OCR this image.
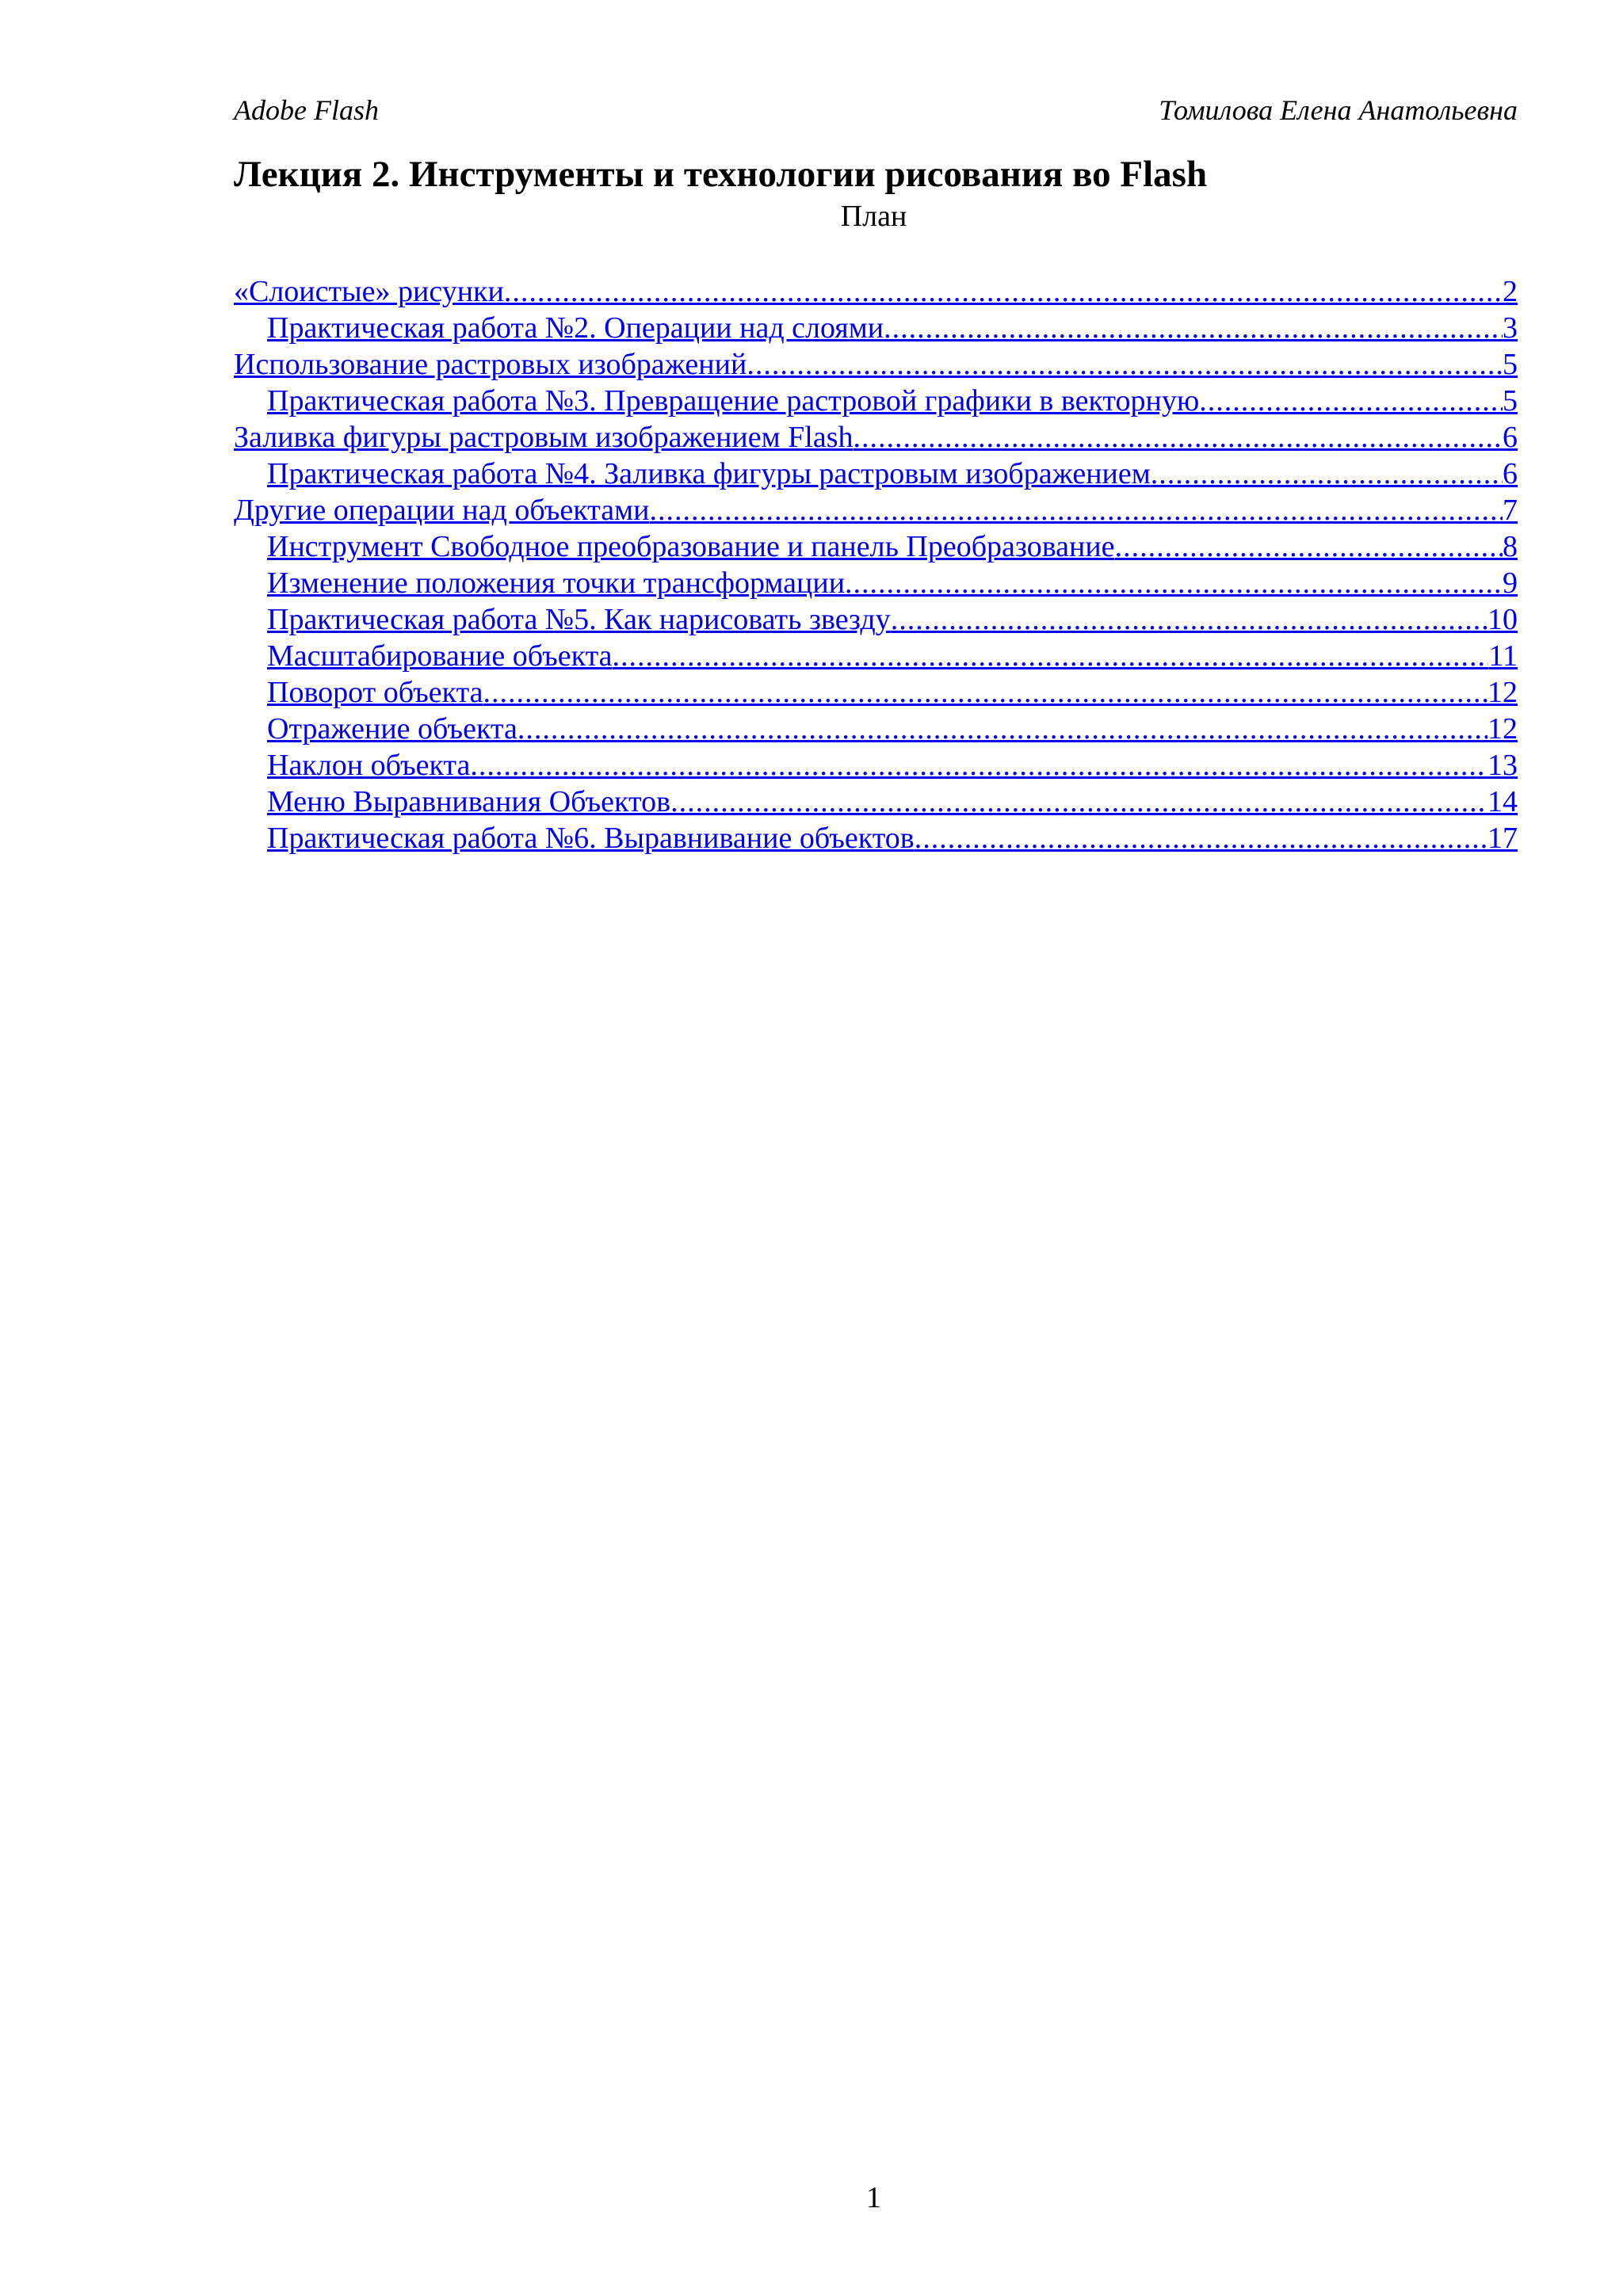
Adobe Flash	Томилова Елена Анатольевна
Лекция 2. Инструменты и технологии рисования во Flash
План
«Слоистые» рисунки .....	2
Практическая работа №2. Операции над слоями .....	3
Использование растровых изображений .....	5
Практическая работа №3. Превращение растровой графики в векторную .....	5
Заливка фигуры растровым изображением Flash .....	6
Практическая работа №4. Заливка фигуры растровым изображением .....	6
Другие операции над объектами .....	7
Инструмент Свободное преобразование и панель Преобразование .....	8
Изменение положения точки трансформации .....	9
Практическая работа №5. Как нарисовать звезду .....	10
Масштабирование объекта .....	11
Поворот объекта .....	12
Отражение объекта .....	12
Наклон объекта .....	13
Меню Выравнивания Объектов .....	14
Практическая работа №6. Выравнивание объектов .....	17
1
